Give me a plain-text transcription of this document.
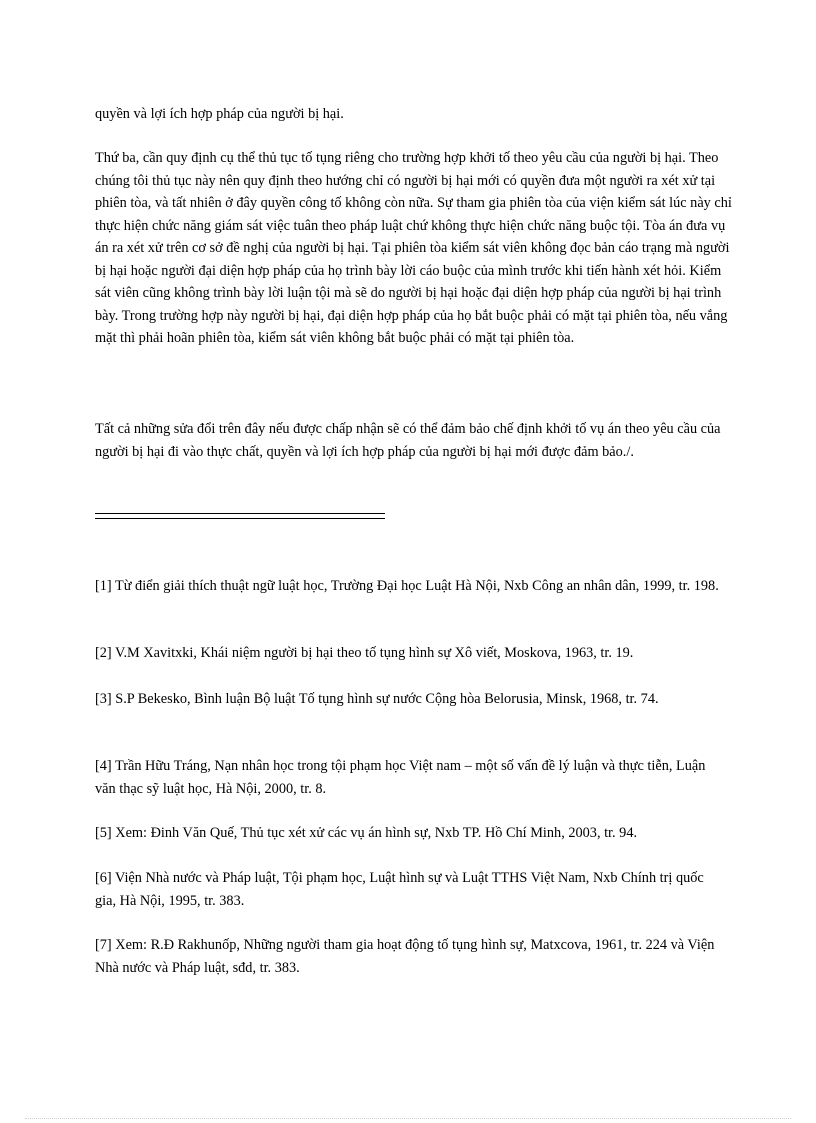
quyền và lợi ích hợp pháp của người bị hại.

Thứ ba, cần quy định cụ thể thủ tục tố tụng riêng cho trường hợp khởi tố theo yêu cầu của người bị hại. Theo chúng tôi thủ tục này nên quy định theo hướng chỉ có người bị hại mới có quyền đưa một người ra xét xử tại phiên tòa, và tất nhiên ở đây quyền công tố không còn nữa. Sự tham gia phiên tòa của viện kiểm sát lúc này chỉ thực hiện chức năng giám sát việc tuân theo pháp luật chứ không thực hiện chức năng buộc tội. Tòa án đưa vụ án ra xét xử trên cơ sở đề nghị của người bị hại. Tại phiên tòa kiểm sát viên không đọc bản cáo trạng mà người bị hại hoặc người đại diện hợp pháp của họ trình bày lời cáo buộc của mình trước khi tiến hành xét hỏi. Kiểm sát viên cũng không trình bày lời luận tội mà sẽ do người bị hại hoặc đại diện hợp pháp của người bị hại trình bày. Trong trường hợp này người bị hại, đại diện hợp pháp của họ bắt buộc phải có mặt tại phiên tòa, nếu vắng mặt thì phải hoãn phiên tòa, kiểm sát viên không bắt buộc phải có mặt tại phiên tòa.

Tất cả những sửa đổi trên đây nếu được chấp nhận sẽ có thể đảm bảo chế định khởi tố vụ án theo yêu cầu của người bị hại đi vào thực chất, quyền và lợi ích hợp pháp của người bị hại mới được đảm bảo./.

[1] Từ điển giải thích thuật ngữ luật học, Trường Đại học Luật Hà Nội, Nxb Công an nhân dân, 1999, tr. 198.

[2] V.M Xavitxki, Khái niệm người bị hại theo tố tụng hình sự Xô viết, Moskova, 1963, tr. 19.

[3] S.P Bekesko, Bình luận Bộ luật Tố tụng hình sự nước Cộng hòa Belorusia, Minsk, 1968, tr. 74.

[4] Trần Hữu Tráng, Nạn nhân học trong tội phạm học Việt nam – một số vấn đề lý luận và thực tiễn, Luận văn thạc sỹ luật học, Hà Nội, 2000, tr. 8.

[5] Xem: Đinh Văn Quế, Thủ tục xét xử các vụ án hình sự, Nxb TP. Hồ Chí Minh, 2003, tr. 94.

[6] Viện Nhà nước và Pháp luật, Tội phạm học, Luật hình sự và Luật TTHS Việt Nam, Nxb Chính trị quốc gia, Hà Nội, 1995, tr. 383.

[7] Xem: R.Đ Rakhunốp, Những người tham gia hoạt động tố tụng hình sự, Matxcova, 1961, tr. 224 và Viện Nhà nước và Pháp luật, sđd, tr. 383.
